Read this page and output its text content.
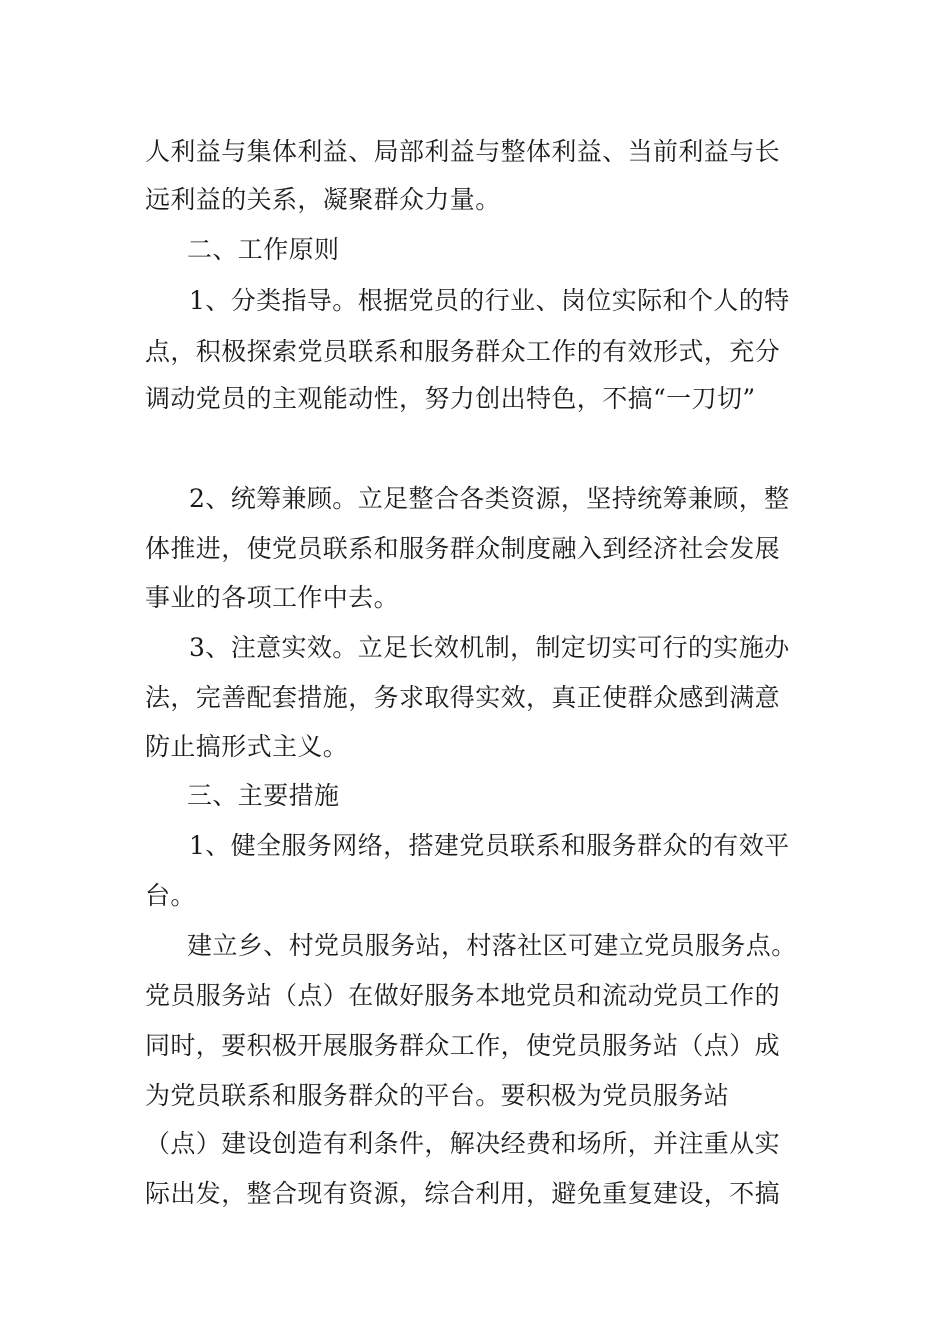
人利益与集体利益、局部利益与整体利益、当前利益与长
远利益的关系，凝聚群众力量。
二、工作原则
1、分类指导。根据党员的行业、岗位实际和个人的特
点，积极探索党员联系和服务群众工作的有效形式，充分
调动党员的主观能动性，努力创出特色，不搞“一刀切”
2、统筹兼顾。立足整合各类资源，坚持统筹兼顾，整
体推进，使党员联系和服务群众制度融入到经济社会发展
事业的各项工作中去。
3、注意实效。立足长效机制，制定切实可行的实施办
法，完善配套措施，务求取得实效，真正使群众感到满意
防止搞形式主义。
三、主要措施
1、健全服务网络，搭建党员联系和服务群众的有效平
台。
建立乡、村党员服务站，村落社区可建立党员服务点。
党员服务站（点）在做好服务本地党员和流动党员工作的
同时，要积极开展服务群众工作，使党员服务站（点）成
为党员联系和服务群众的平台。要积极为党员服务站
（点）建设创造有利条件，解决经费和场所，并注重从实
际出发，整合现有资源，综合利用，避免重复建设，不搞
